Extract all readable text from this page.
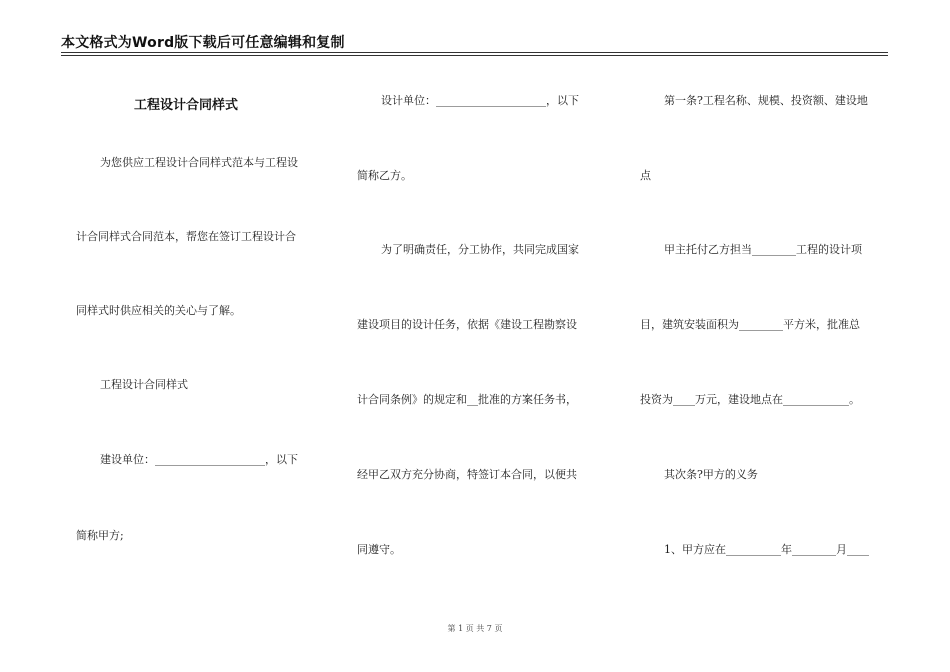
本文格式为Word版下载后可任意编辑和复制
工程设计合同样式
为您供应工程设计合同样式范本与工程设
计合同样式合同范本，帮您在签订工程设计合
同样式时供应相关的关心与了解。
工程设计合同样式
建设单位：____________________，以下
简称甲方;
设计单位：____________________，以下
简称乙方。
为了明确责任，分工协作，共同完成国家
建设项目的设计任务，依据《建设工程勘察设
计合同条例》的规定和__批准的方案任务书，
经甲乙双方充分协商，特签订本合同，以便共
同遵守。
第一条?工程名称、规模、投资额、建设地
点
甲主托付乙方担当________工程的设计项
目，建筑安装面积为________平方米，批准总
投资为____万元，建设地点在____________。
其次条?甲方的义务
1、甲方应在__________年________月____
第 1 页 共 7 页
